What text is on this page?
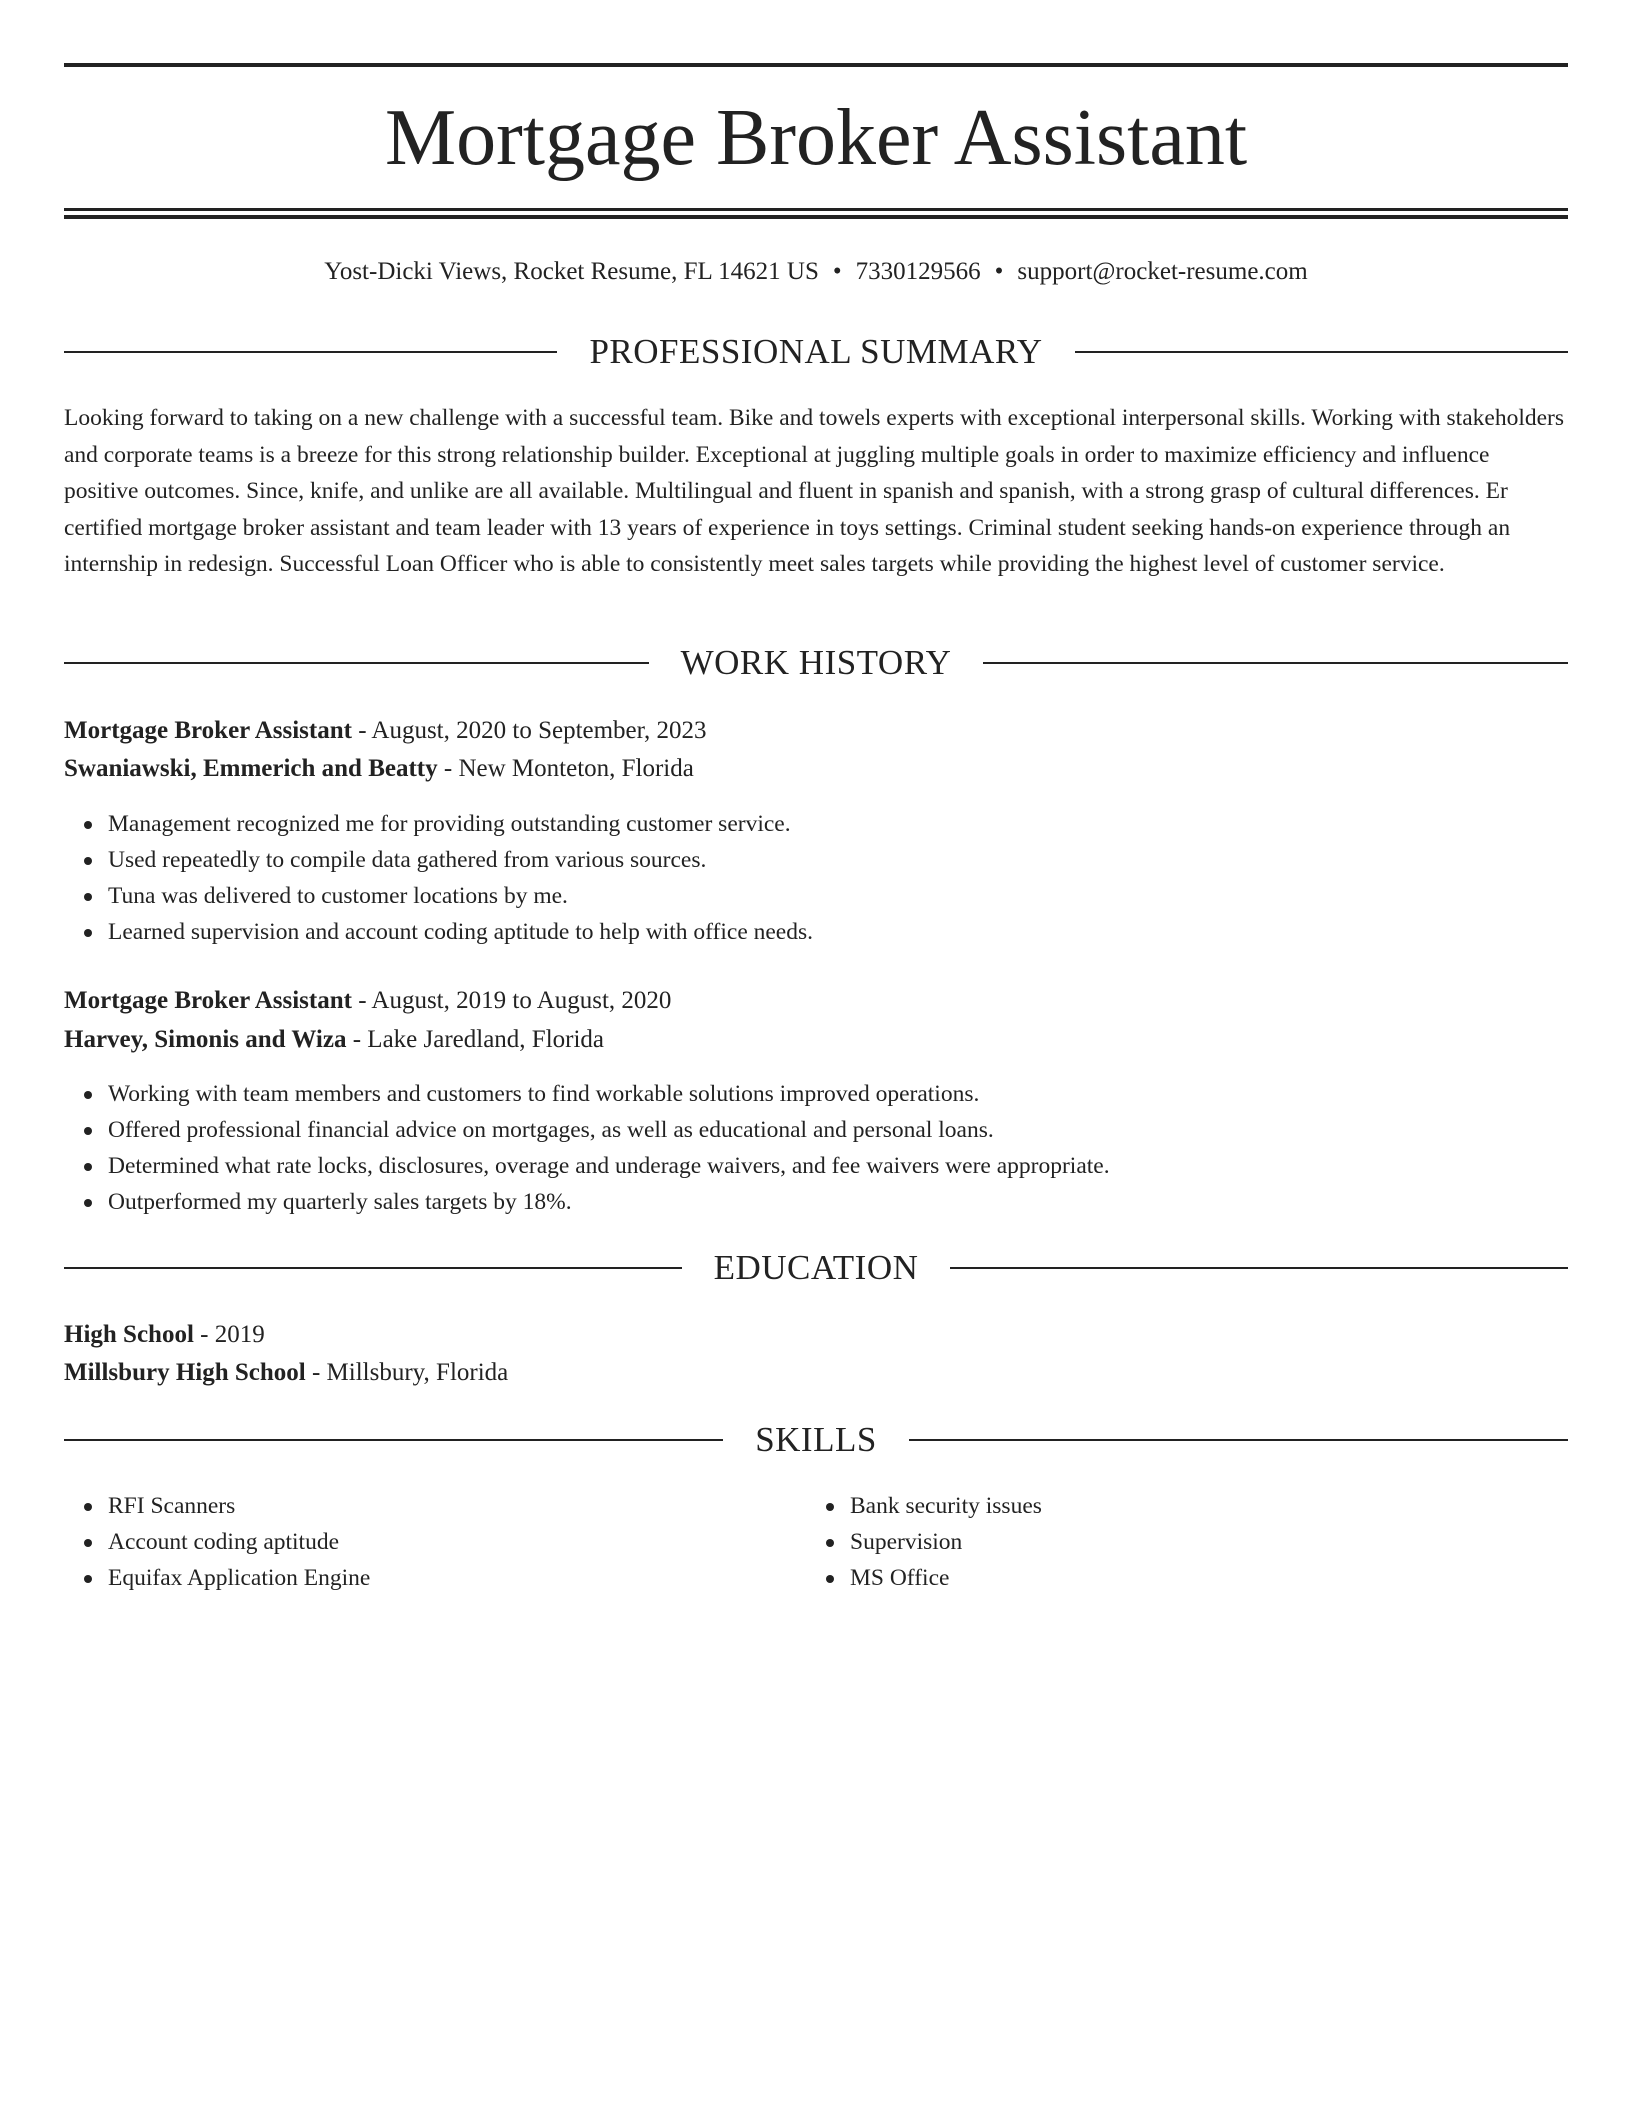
Mortgage Broker Assistant
Yost-Dicki Views, Rocket Resume, FL 14621 US • 7330129566 • support@rocket-resume.com
PROFESSIONAL SUMMARY

Looking forward to taking on a new challenge with a successful team. Bike and towels experts with exceptional interpersonal skills. Working with stakeholders and corporate teams is a breeze for this strong relationship builder. Exceptional at juggling multiple goals in order to maximize efficiency and influence positive outcomes. Since, knife, and unlike are all available. Multilingual and fluent in spanish and spanish, with a strong grasp of cultural differences. Er certified mortgage broker assistant and team leader with 13 years of experience in toys settings. Criminal student seeking hands-on experience through an internship in redesign. Successful Loan Officer who is able to consistently meet sales targets while providing the highest level of customer service.

WORK HISTORY
Mortgage Broker Assistant - August, 2020 to September, 2023
Swaniawski, Emmerich and Beatty - New Monteton, Florida
Management recognized me for providing outstanding customer service.
Used repeatedly to compile data gathered from various sources.
Tuna was delivered to customer locations by me.
Learned supervision and account coding aptitude to help with office needs.
Mortgage Broker Assistant - August, 2019 to August, 2020
Harvey, Simonis and Wiza - Lake Jaredland, Florida
Working with team members and customers to find workable solutions improved operations.
Offered professional financial advice on mortgages, as well as educational and personal loans.
Determined what rate locks, disclosures, overage and underage waivers, and fee waivers were appropriate.
Outperformed my quarterly sales targets by 18%.
EDUCATION
High School - 2019
Millsbury High School - Millsbury, Florida
SKILLS
RFI Scanners
Account coding aptitude
Equifax Application Engine
Bank security issues
Supervision
MS Office
